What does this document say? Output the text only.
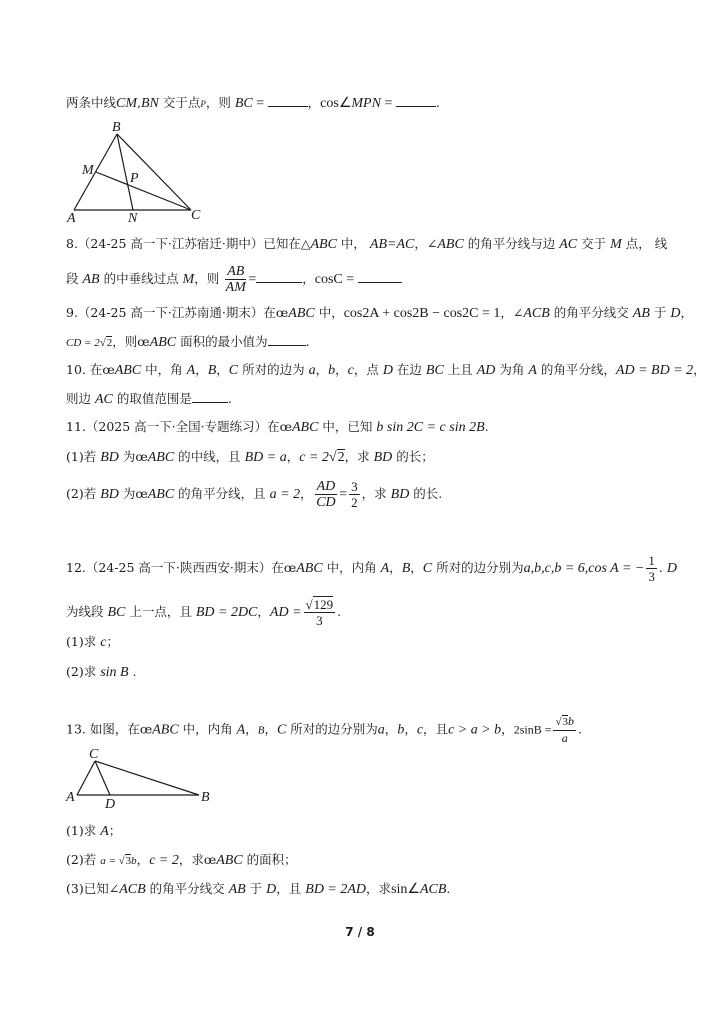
两条中线CM,BN 交于点P，则 BC =	，cos∠MPN =	.
B
M
P
A	N	C
8.（24-25 高一下·江苏宿迁·期中）已知在△ABC 中， AB=AC，∠ABC 的角平分线与边 AC 交于 M 点， 线
段 AB 的中垂线过点 M，则 $\frac{AB}{AM}$ =	，cosC =
9.（24-25 高一下·江苏南通·期末）在œABC 中，cos2A + cos2B − cos2C = 1，∠ACB 的角平分线交 AB 于 D，
CD = 2√2，则œABC 面积的最小值为	.
10. 在œABC 中，角 A，B，C 所对的边为 a，b，c，点 D 在边 BC 上且 AD 为角 A 的角平分线，AD = BD = 2，
则边 AC 的取值范围是	.
11.（2025 高一下·全国·专题练习）在œABC 中，已知 b sin 2C = c sin 2B.
(1)若 BD 为œABC 的中线，且 BD = a，c = 2√2，求 BD 的长；
(2)若 BD 为œABC 的角平分线，且 a = 2， $\frac{AD}{CD} = \frac{3}{2}$ ，求 BD 的长.
12.（24-25 高一下·陕西西安·期末）在œABC 中，内角 A，B，C 所对的边分别为a,b,c,b = 6,cos A = − $\frac{1}{3}$ . D
为线段 BC 上一点，且 BD = 2DC，AD = $\frac{√129}{3}$ .
(1)求 c；
(2)求 sin B .
13. 如图，在œABC 中，内角 A，B，C 所对的边分别为a，b，c，且c > a > b，$2\sin B = \frac{√3b}{a}$ .
C
A D	B
(1)求 A；
(2)若 a = √3b，c = 2，求œABC 的面积；
(3)已知∠ACB 的角平分线交 AB 于 D，且 BD = 2AD，求sin∠ACB.
7 / 8
